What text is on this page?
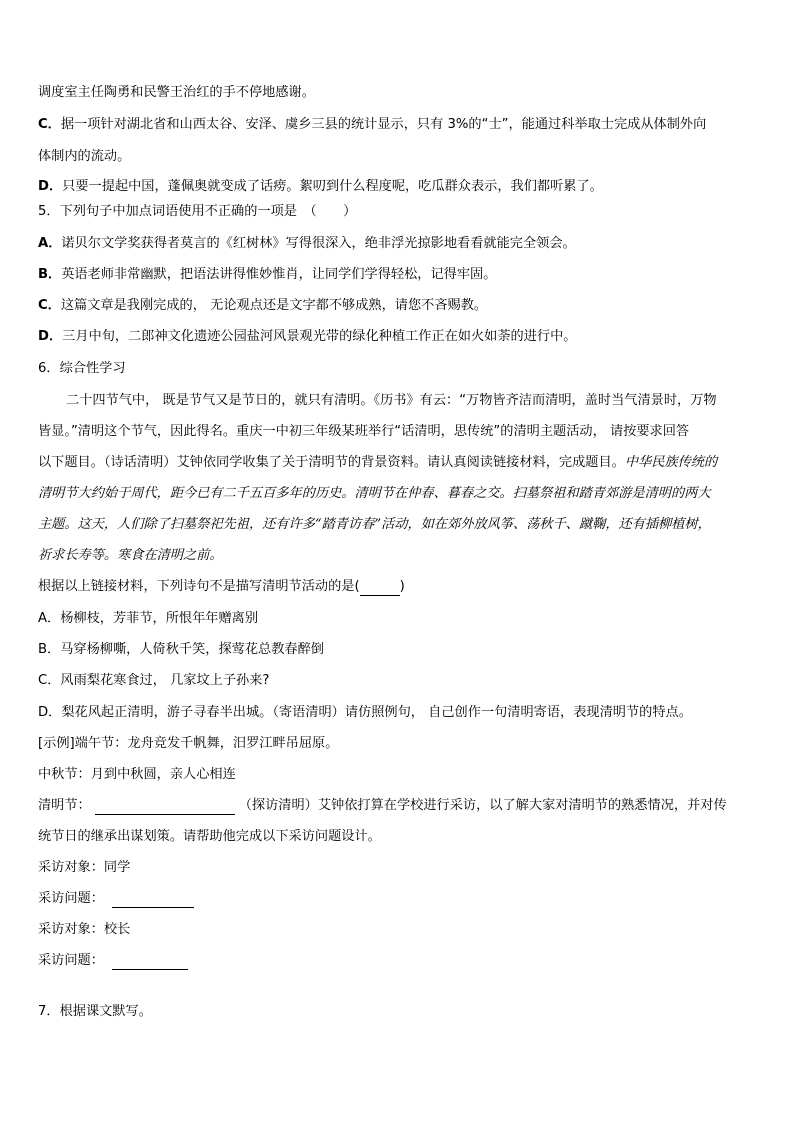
调度室主任陶勇和民警王治红的手不停地感谢。
C．据一项针对湖北省和山西太谷、安泽、虞乡三县的统计显示，只有 3%的“士”，能通过科举取士完成从体制外向
体制内的流动。
D．只要一提起中国，蓬佩奥就变成了话痨。絮叨到什么程度呢，吃瓜群众表示，我们都听累了。
5．下列句子中加点词语使用不正确的一项是　 （　　）
A．诺贝尔文学奖获得者莫言的《红树林》写得很深入，绝非浮光掠影地看看就能完全领会。
B．英语老师非常幽默，把语法讲得惟妙惟肖，让同学们学得轻松，记得牢固。
C．这篇文章是我刚完成的， 无论观点还是文字都不够成熟，请您不吝赐教。
D．三月中旬，二郎神文化遗迹公园盐河风景观光带的绿化种植工作正在如火如荼的进行中。
6．综合性学习
二十四节气中， 既是节气又是节日的，就只有清明。《历书》有云：“万物皆齐洁而清明，盖时当气清景时，万物
皆显。”清明这个节气，因此得名。重庆一中初三年级某班举行“话清明，思传统”的清明主题活动， 请按要求回答
以下题目。（诗话清明）艾钟依同学收集了关于清明节的背景资料。请认真阅读链接材料，完成题目。中华民族传统的
清明节大约始于周代，距今已有二千五百多年的历史。清明节在仲春、暮春之交。扫墓祭祖和踏青郊游是清明的两大
主题。这天，人们除了扫墓祭祀先祖，还有许多“踏青访春”活动，如在郊外放风筝、荡秋千、蹴鞠，还有插柳植树，
祈求长寿等。寒食在清明之前。
根据以上链接材料，下列诗句不是描写清明节活动的是(	)
A．杨柳枝，芳菲节，所恨年年赠离别
B．马穿杨柳嘶，人倚秋千笑，探莺花总教春醉倒
C．风雨梨花寒食过， 几家坟上子孙来?
D．梨花风起正清明，游子寻春半出城。（寄语清明）请仿照例句， 自己创作一句清明寄语，表现清明节的特点。
[示例]端午节：龙舟竞发千帆舞，汨罗江畔吊屈原。
中秋节：月到中秋圆，亲人心相连
清明节：	（探访清明）艾钟依打算在学校进行采访，以了解大家对清明节的熟悉情况，并对传
统节日的继承出谋划策。请帮助他完成以下采访问题设计。
采访对象：同学
采访问题：
采访对象：校长
采访问题：
7．根据课文默写。
